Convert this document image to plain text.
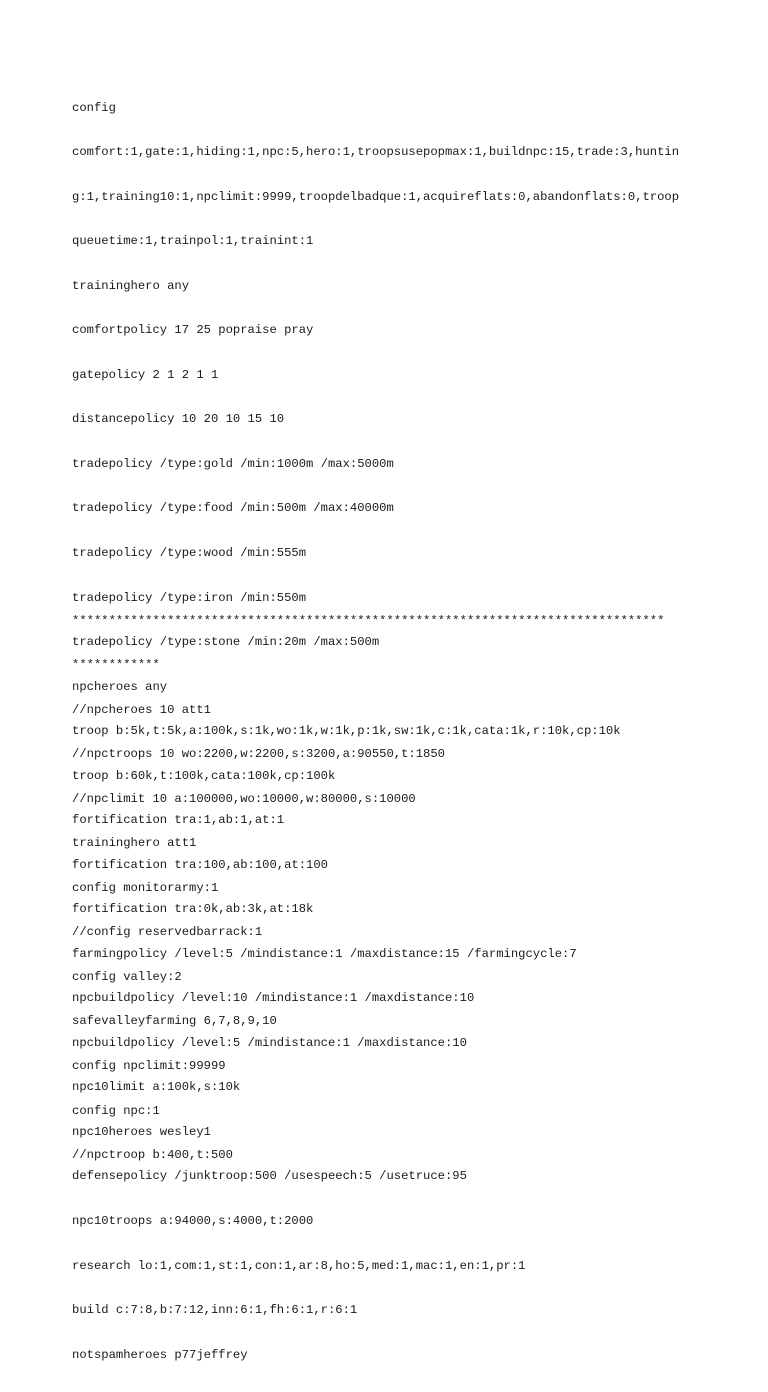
config

comfort:1,gate:1,hiding:1,npc:5,hero:1,troopsusepopmax:1,buildnpc:15,trade:3,huntin

g:1,training10:1,npclimit:9999,troopdelbadque:1,acquireflats:0,abandonflats:0,troop

queuetime:1,trainpol:1,trainint:1

traininghero any

comfortpolicy 17 25 popraise pray

gatepolicy 2 1 2 1 1

distancepolicy 10 20 10 15 10

tradepolicy /type:gold /min:1000m /max:5000m

tradepolicy /type:food /min:500m /max:40000m

tradepolicy /type:wood /min:555m

tradepolicy /type:iron /min:550m

tradepolicy /type:stone /min:20m /max:500m

npcheroes any

troop b:5k,t:5k,a:100k,s:1k,wo:1k,w:1k,p:1k,sw:1k,c:1k,cata:1k,r:10k,cp:10k

troop b:60k,t:100k,cata:100k,cp:100k

fortification tra:1,ab:1,at:1

fortification tra:100,ab:100,at:100

fortification tra:0k,ab:3k,at:18k

farmingpolicy /level:5 /mindistance:1 /maxdistance:15 /farmingcycle:7

npcbuildpolicy /level:10 /mindistance:1 /maxdistance:10

npcbuildpolicy /level:5 /mindistance:1 /maxdistance:10

npc10limit a:100k,s:10k

npc10heroes wesley1

defensepolicy /junktroop:500 /usespeech:5 /usetruce:95

npc10troops a:94000,s:4000,t:2000

research lo:1,com:1,st:1,con:1,ar:8,ho:5,med:1,mac:1,en:1,pr:1

build c:7:8,b:7:12,inn:6:1,fh:6:1,r:6:1

notspamheroes p77jeffrey

*********************************************************************************

************

//npcheroes 10 att1

//npctroops 10 wo:2200,w:2200,s:3200,a:90550,t:1850

//npclimit 10 a:100000,wo:10000,w:80000,s:10000

traininghero att1

config monitorarmy:1

//config reservedbarrack:1

config valley:2

safevalleyfarming 6,7,8,9,10

config npclimit:99999

config npc:1

//npctroop b:400,t:500
